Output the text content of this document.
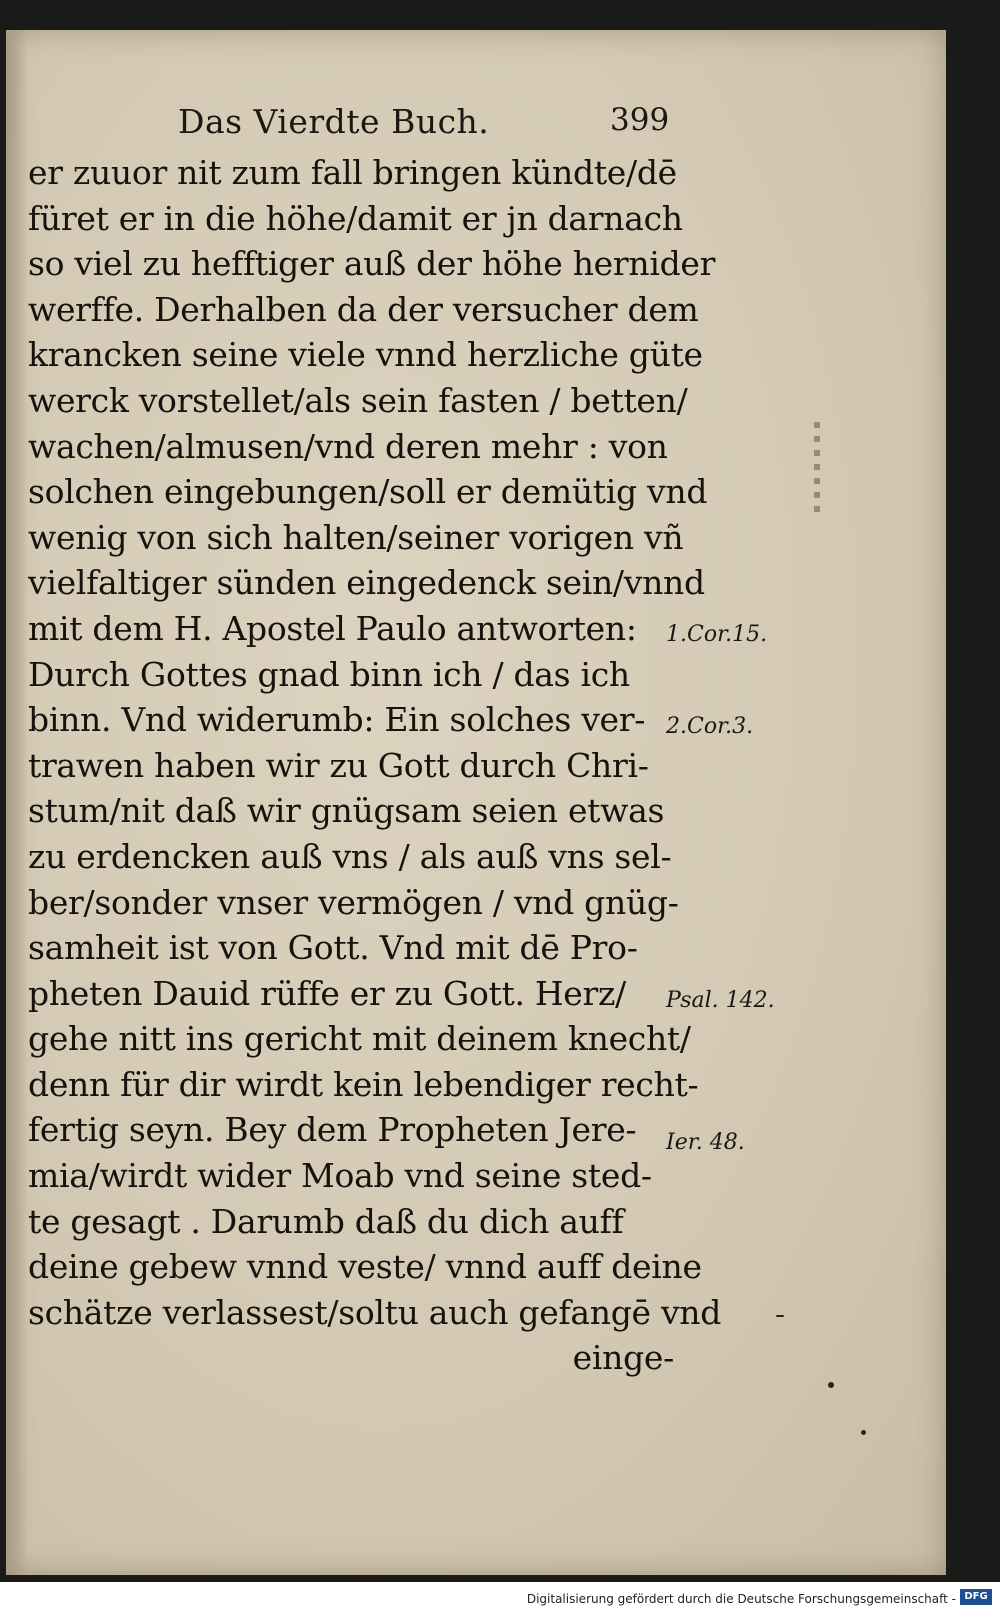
Das Vierdte Buch.	399
er zuuor nit zum fall bringen kündte/dē
füret er in die höhe/damit er jn darnach
so viel zu hefftiger auß der höhe hernider
werffe. Derhalben da der versucher dem
krancken seine viele vnnd herzliche güte
werck vorstellet/als sein fasten / betten/
wachen/almusen/vnd deren mehr : von
solchen eingebungen/soll er demütig vnd
wenig von sich halten/seiner vorigen vñ
vielfaltiger sünden eingedenck sein/vnnd
mit dem H. Apostel Paulo antworten:
Durch Gottes gnad binn ich / das ich
binn. Vnd widerumb: Ein solches ver-
trawen haben wir zu Gott durch Chri-
stum/nit daß wir gnügsam seien etwas
zu erdencken auß vns / als auß vns sel-
ber/sonder vnser vermögen / vnd gnüg-
samheit ist von Gott. Vnd mit dē Pro-
pheten Dauid rüffe er zu Gott. Herz/
gehe nitt ins gericht mit deinem knecht/
denn für dir wirdt kein lebendiger recht-
fertig seyn. Bey dem Propheten Jere-
mia/wirdt wider Moab vnd seine sted-
te gesagt . Darumb daß du dich auff
deine gebew vnnd veste/ vnnd auff deine
schätze verlassest/soltu auch gefangē vnd
einge-
1.Cor.15.
2.Cor.3.
Psal. 142.
Ier. 48.
Digitalisierung gefördert durch die Deutsche Forschungsgemeinschaft - DFG
